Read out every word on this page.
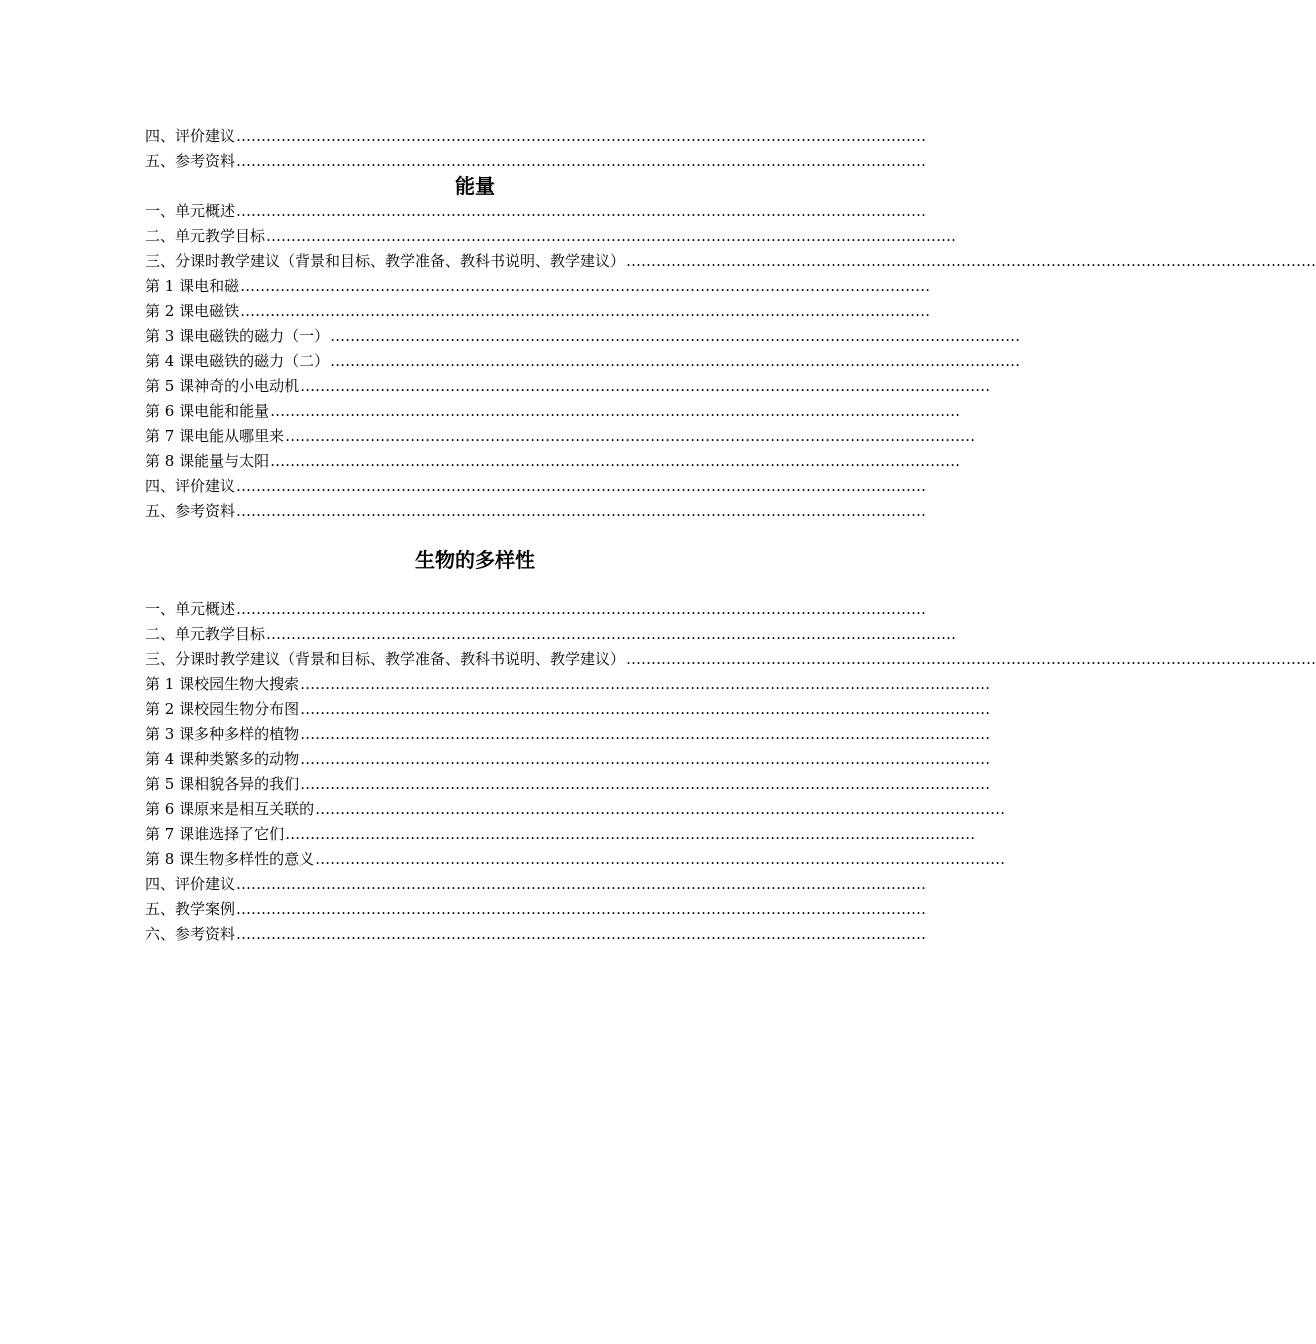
四、评价建议 …………………………………………………………………………………………………………………………
五、参考资料 …………………………………………………………………………………………………………………………
能量
一、单元概述 …………………………………………………………………………………………………………………………
二、单元教学目标 …………………………………………………………………………………………………………………………
三、分课时教学建议（背景和目标、教学准备、教科书说明、教学建议） …………………………………………………………………………………………………………………………
第 1 课电和磁 …………………………………………………………………………………………………………………………
第 2 课电磁铁 …………………………………………………………………………………………………………………………
第 3 课电磁铁的磁力（一） …………………………………………………………………………………………………………………………
第 4 课电磁铁的磁力（二） …………………………………………………………………………………………………………………………
第 5 课神奇的小电动机 …………………………………………………………………………………………………………………………
第 6 课电能和能量 …………………………………………………………………………………………………………………………
第 7 课电能从哪里来 …………………………………………………………………………………………………………………………
第 8 课能量与太阳 …………………………………………………………………………………………………………………………
四、评价建议 …………………………………………………………………………………………………………………………
五、参考资料 …………………………………………………………………………………………………………………………
生物的多样性
一、单元概述 …………………………………………………………………………………………………………………………
二、单元教学目标 …………………………………………………………………………………………………………………………
三、分课时教学建议（背景和目标、教学准备、教科书说明、教学建议） …………………………………………………………………………………………………………………………
第 1 课校园生物大搜索 …………………………………………………………………………………………………………………………
第 2 课校园生物分布图 …………………………………………………………………………………………………………………………
第 3 课多种多样的植物 …………………………………………………………………………………………………………………………
第 4 课种类繁多的动物 …………………………………………………………………………………………………………………………
第 5 课相貌各异的我们 …………………………………………………………………………………………………………………………
第 6 课原来是相互关联的 …………………………………………………………………………………………………………………………
第 7 课谁选择了它们 …………………………………………………………………………………………………………………………
第 8 课生物多样性的意义 …………………………………………………………………………………………………………………………
四、评价建议 …………………………………………………………………………………………………………………………
五、教学案例 …………………………………………………………………………………………………………………………
六、参考资料 …………………………………………………………………………………………………………………………
